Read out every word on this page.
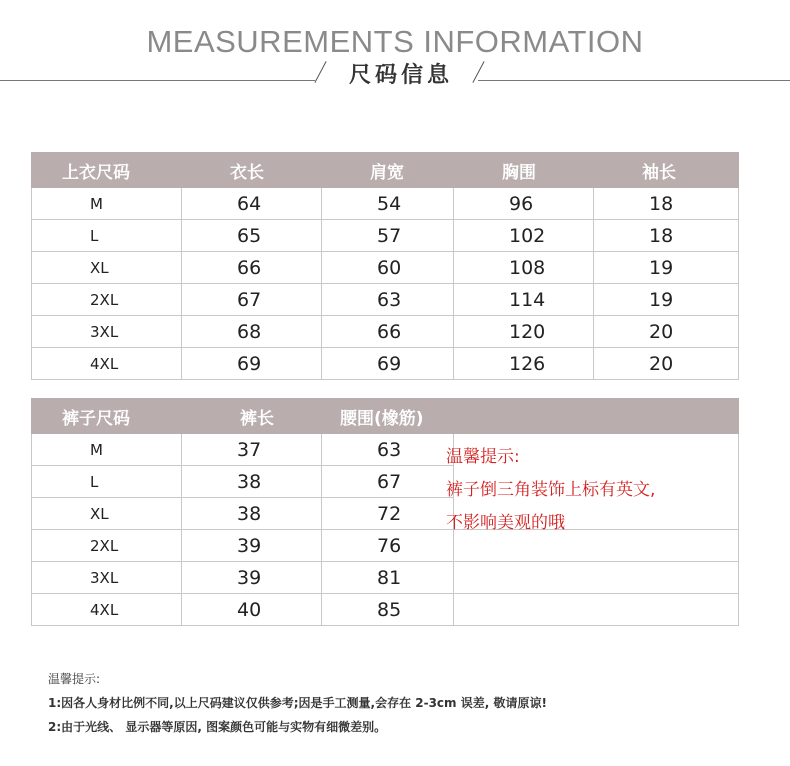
MEASUREMENTS INFORMATION
尺码信息
上衣尺码	衣长	肩宽	胸围	袖长
M	64	54	96	18
L	65	57	102	18
XL	66	60	108	19
2XL	67	63	114	19
3XL	68	66	120	20
4XL	69	69	126	20
裤子尺码	裤长	腰围(橡筋)	
M	37	63	
L	38	67	
XL	38	72	
2XL	39	76	
3XL	39	81	
4XL	40	85	
温馨提示:
裤子倒三角装饰上标有英文,
不影响美观的哦
温馨提示:
1:因各人身材比例不同,以上尺码建议仅供参考;因是手工测量,会存在 2-3cm 误差, 敬请原谅!
2:由于光线、 显示器等原因, 图案颜色可能与实物有细微差别。
